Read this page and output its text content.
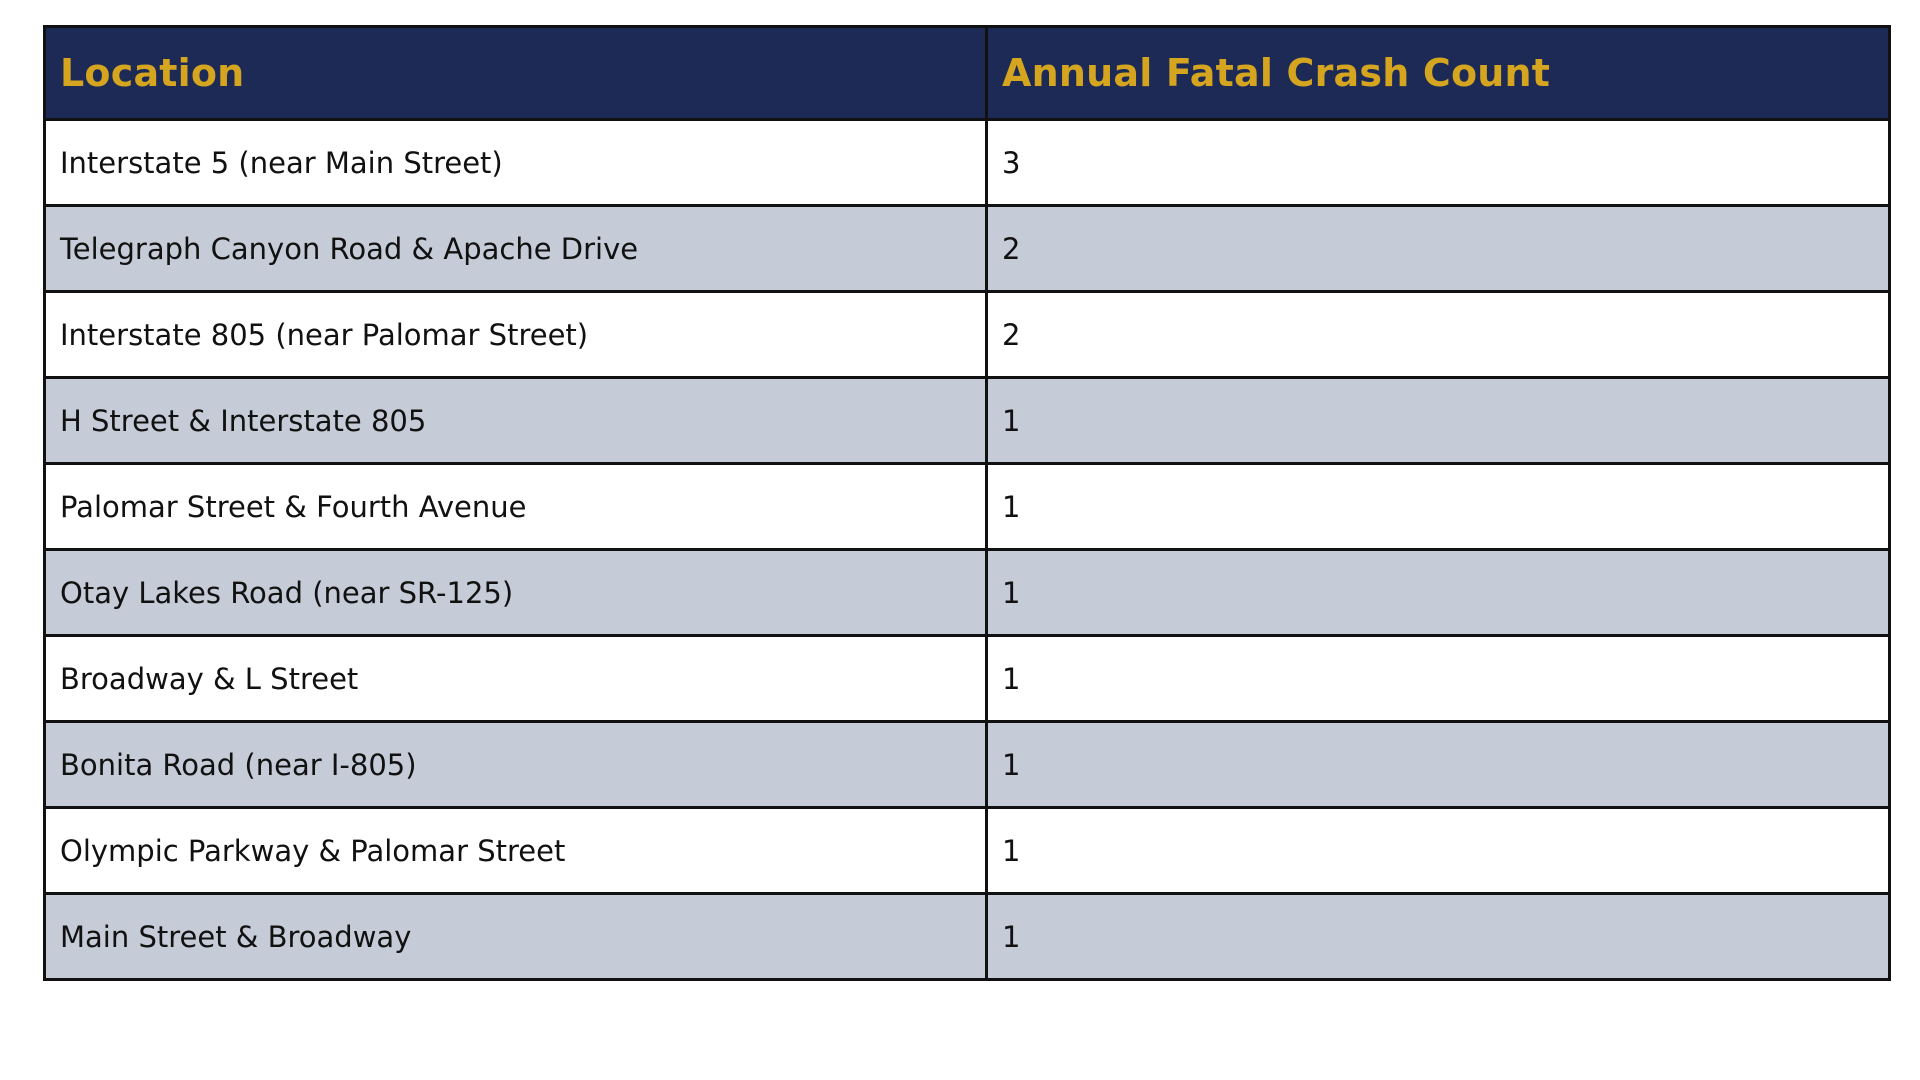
Location	Annual Fatal Crash Count
Interstate 5 (near Main Street)	3
Telegraph Canyon Road & Apache Drive	2
Interstate 805 (near Palomar Street)	2
H Street & Interstate 805	1
Palomar Street & Fourth Avenue	1
Otay Lakes Road (near SR-125)	1
Broadway & L Street	1
Bonita Road (near I-805)	1
Olympic Parkway & Palomar Street	1
Main Street & Broadway	1
